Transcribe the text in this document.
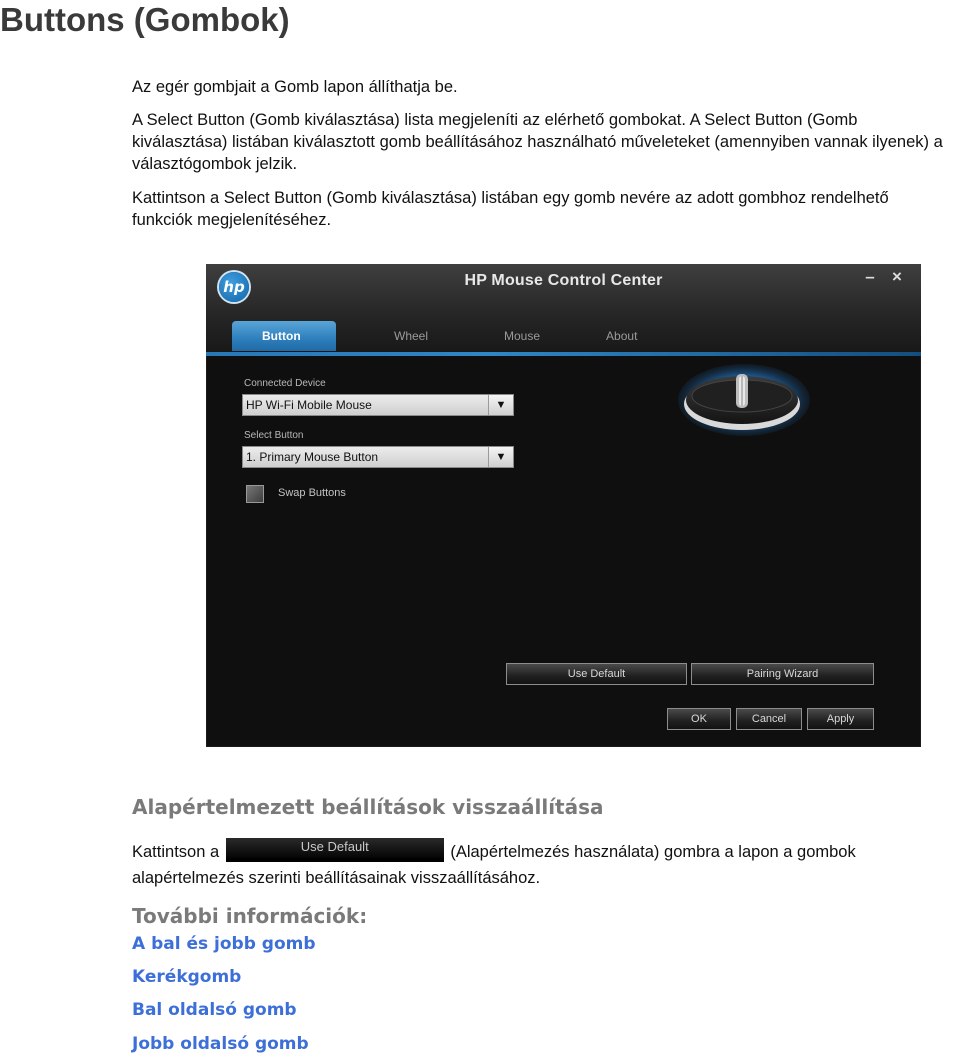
Buttons (Gombok)

Az egér gombjait a Gomb lapon állíthatja be.

A Select Button (Gomb kiválasztása) lista megjeleníti az elérhető gombokat. A Select Button (Gomb kiválasztása) listában kiválasztott gomb beállításához használható műveleteket (amennyiben vannak ilyenek) a választógombok jelzik.

Kattintson a Select Button (Gomb kiválasztása) listában egy gomb nevére az adott gombhoz rendelhető funkciók megjelenítéséhez.

hp	HP Mouse Control Center	–	×
Button	Wheel	Mouse	About
Connected Device
HP Wi-Fi Mobile Mouse	▼
Select Button
1. Primary Mouse Button	▼
Swap Buttons
Use Default	Pairing Wizard
OK	Cancel	Apply
Alapértelmezett beállítások visszaállítása

Kattintson a	Use Default	(Alapértelmezés használata) gombra a lapon a gombok alapértelmezés szerinti beállításainak visszaállításához.

További információk:
A bal és jobb gomb
Kerékgomb
Bal oldalsó gomb
Jobb oldalsó gomb
